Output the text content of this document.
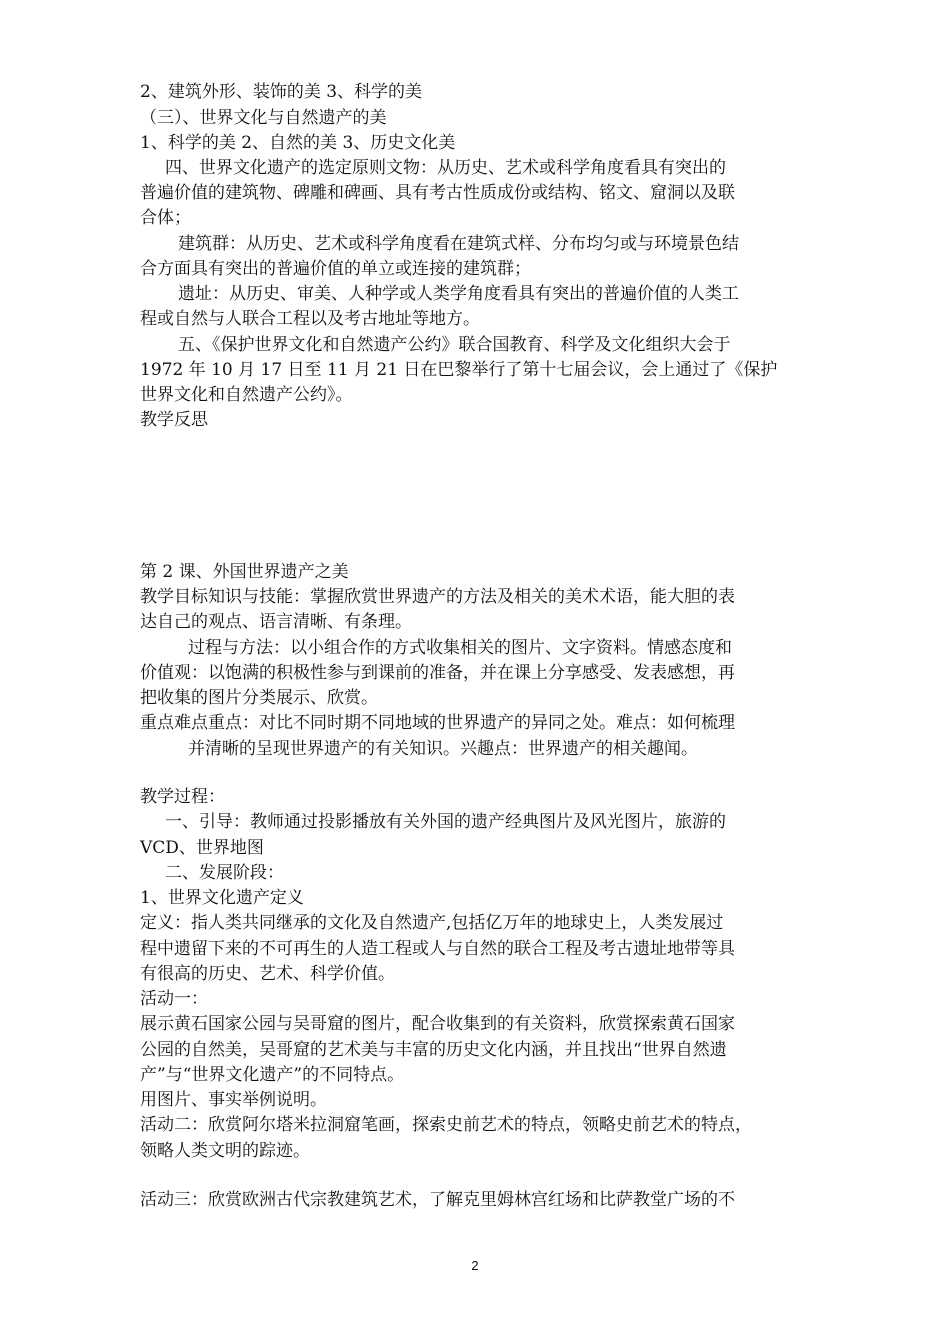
2、建筑外形、装饰的美 3、科学的美
（三）、世界文化与自然遗产的美
1、科学的美 2、自然的美 3、历史文化美
四、世界文化遗产的选定原则文物：从历史、艺术或科学角度看具有突出的
普遍价值的建筑物、碑雕和碑画、具有考古性质成份或结构、铭文、窟洞以及联
合体；
建筑群：从历史、艺术或科学角度看在建筑式样、分布均匀或与环境景色结
合方面具有突出的普遍价值的单立或连接的建筑群；
遗址：从历史、审美、人种学或人类学角度看具有突出的普遍价值的人类工
程或自然与人联合工程以及考古地址等地方。
五、《保护世界文化和自然遗产公约》联合国教育、科学及文化组织大会于
1972 年 10 月 17 日至 11 月 21 日在巴黎举行了第十七届会议，会上通过了《保护
世界文化和自然遗产公约》。
教学反思
第 2 课、外国世界遗产之美
教学目标知识与技能：掌握欣赏世界遗产的方法及相关的美术术语，能大胆的表
达自己的观点、语言清晰、有条理。
过程与方法：以小组合作的方式收集相关的图片、文字资料。情感态度和
价值观：以饱满的积极性参与到课前的准备，并在课上分享感受、发表感想，再
把收集的图片分类展示、欣赏。
重点难点重点：对比不同时期不同地域的世界遗产的异同之处。难点：如何梳理
并清晰的呈现世界遗产的有关知识。兴趣点：世界遗产的相关趣闻。
教学过程：
一、引导：教师通过投影播放有关外国的遗产经典图片及风光图片，旅游的
VCD、世界地图
二、发展阶段：
1、世界文化遗产定义
定义：指人类共同继承的文化及自然遗产,包括亿万年的地球史上，人类发展过
程中遗留下来的不可再生的人造工程或人与自然的联合工程及考古遗址地带等具
有很高的历史、艺术、科学价值。
活动一：
展示黄石国家公园与吴哥窟的图片，配合收集到的有关资料，欣赏探索黄石国家
公园的自然美，吴哥窟的艺术美与丰富的历史文化内涵，并且找出“世界自然遗
产”与“世界文化遗产”的不同特点。
用图片、事实举例说明。
活动二：欣赏阿尔塔米拉洞窟笔画，探索史前艺术的特点，领略史前艺术的特点，
领略人类文明的踪迹。
活动三：欣赏欧洲古代宗教建筑艺术，了解克里姆林宫红场和比萨教堂广场的不
2
